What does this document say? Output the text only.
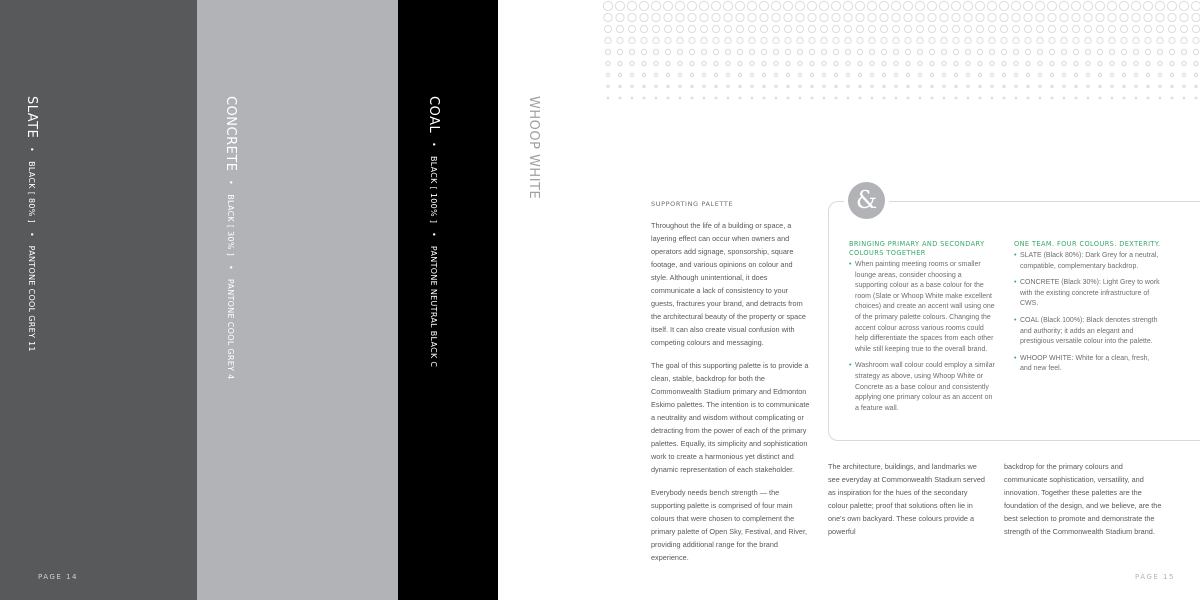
SLATE • BLACK [ 80% ] • PANTONE COOL GREY 11
PAGE 14
CONCRETE • BLACK [ 30% ] • PANTONE COOL GREY 4
COAL • BLACK [ 100% ] • PANTONE NEUTRAL BLACK C
WHOOP WHITE
SUPPORTING PALETTE

Throughout the life of a building or space, a layering effect can occur when owners and operators add signage, sponsorship, square footage, and various opinions on colour and style. Although unintentional, it does communicate a lack of consistency to your guests, fractures your brand, and detracts from the architectural beauty of the property or space itself. It can also create visual confusion with competing colours and messaging.

The goal of this supporting palette is to provide a clean, stable, backdrop for both the Commonwealth Stadium primary and Edmonton Eskimo palettes. The intention is to communicate a neutrality and wisdom without complicating or detracting from the power of each of the primary palettes. Equally, its simplicity and sophistication work to create a harmonious yet distinct and dynamic representation of each stakeholder.

Everybody needs bench strength — the supporting palette is comprised of four main colours that were chosen to complement the primary palette of Open Sky, Festival, and River, providing additional range for the brand experience.

&
BRINGING PRIMARY AND SECONDARY COLOURS TOGETHER
• When painting meeting rooms or smaller lounge areas, consider choosing a supporting colour as a base colour for the room (Slate or Whoop White make excellent choices) and create an accent wall using one of the primary palette colours. Changing the accent colour across various rooms could help differentiate the spaces from each other while still keeping true to the overall brand.
• Washroom wall colour could employ a similar strategy as above, using Whoop White or Concrete as a base colour and consistently applying one primary colour as an accent on a feature wall.
ONE TEAM. FOUR COLOURS. DEXTERITY.
• SLATE (Black 80%): Dark Grey for a neutral, compatible, complementary backdrop.
• CONCRETE (Black 30%): Light Grey to work with the existing concrete infrastructure of CWS.
• COAL (Black 100%): Black denotes strength and authority; it adds an elegant and prestigious versatile colour into the palette.
• WHOOP WHITE: White for a clean, fresh, and new feel.

The architecture, buildings, and landmarks we see everyday at Commonwealth Stadium served as inspiration for the hues of the secondary colour palette; proof that solutions often lie in one's own backyard. These colours provide a powerful

backdrop for the primary colours and communicate sophistication, versatility, and innovation. Together these palettes are the foundation of the design, and we believe, are the best selection to promote and demonstrate the strength of the Commonwealth Stadium brand.

PAGE 15
